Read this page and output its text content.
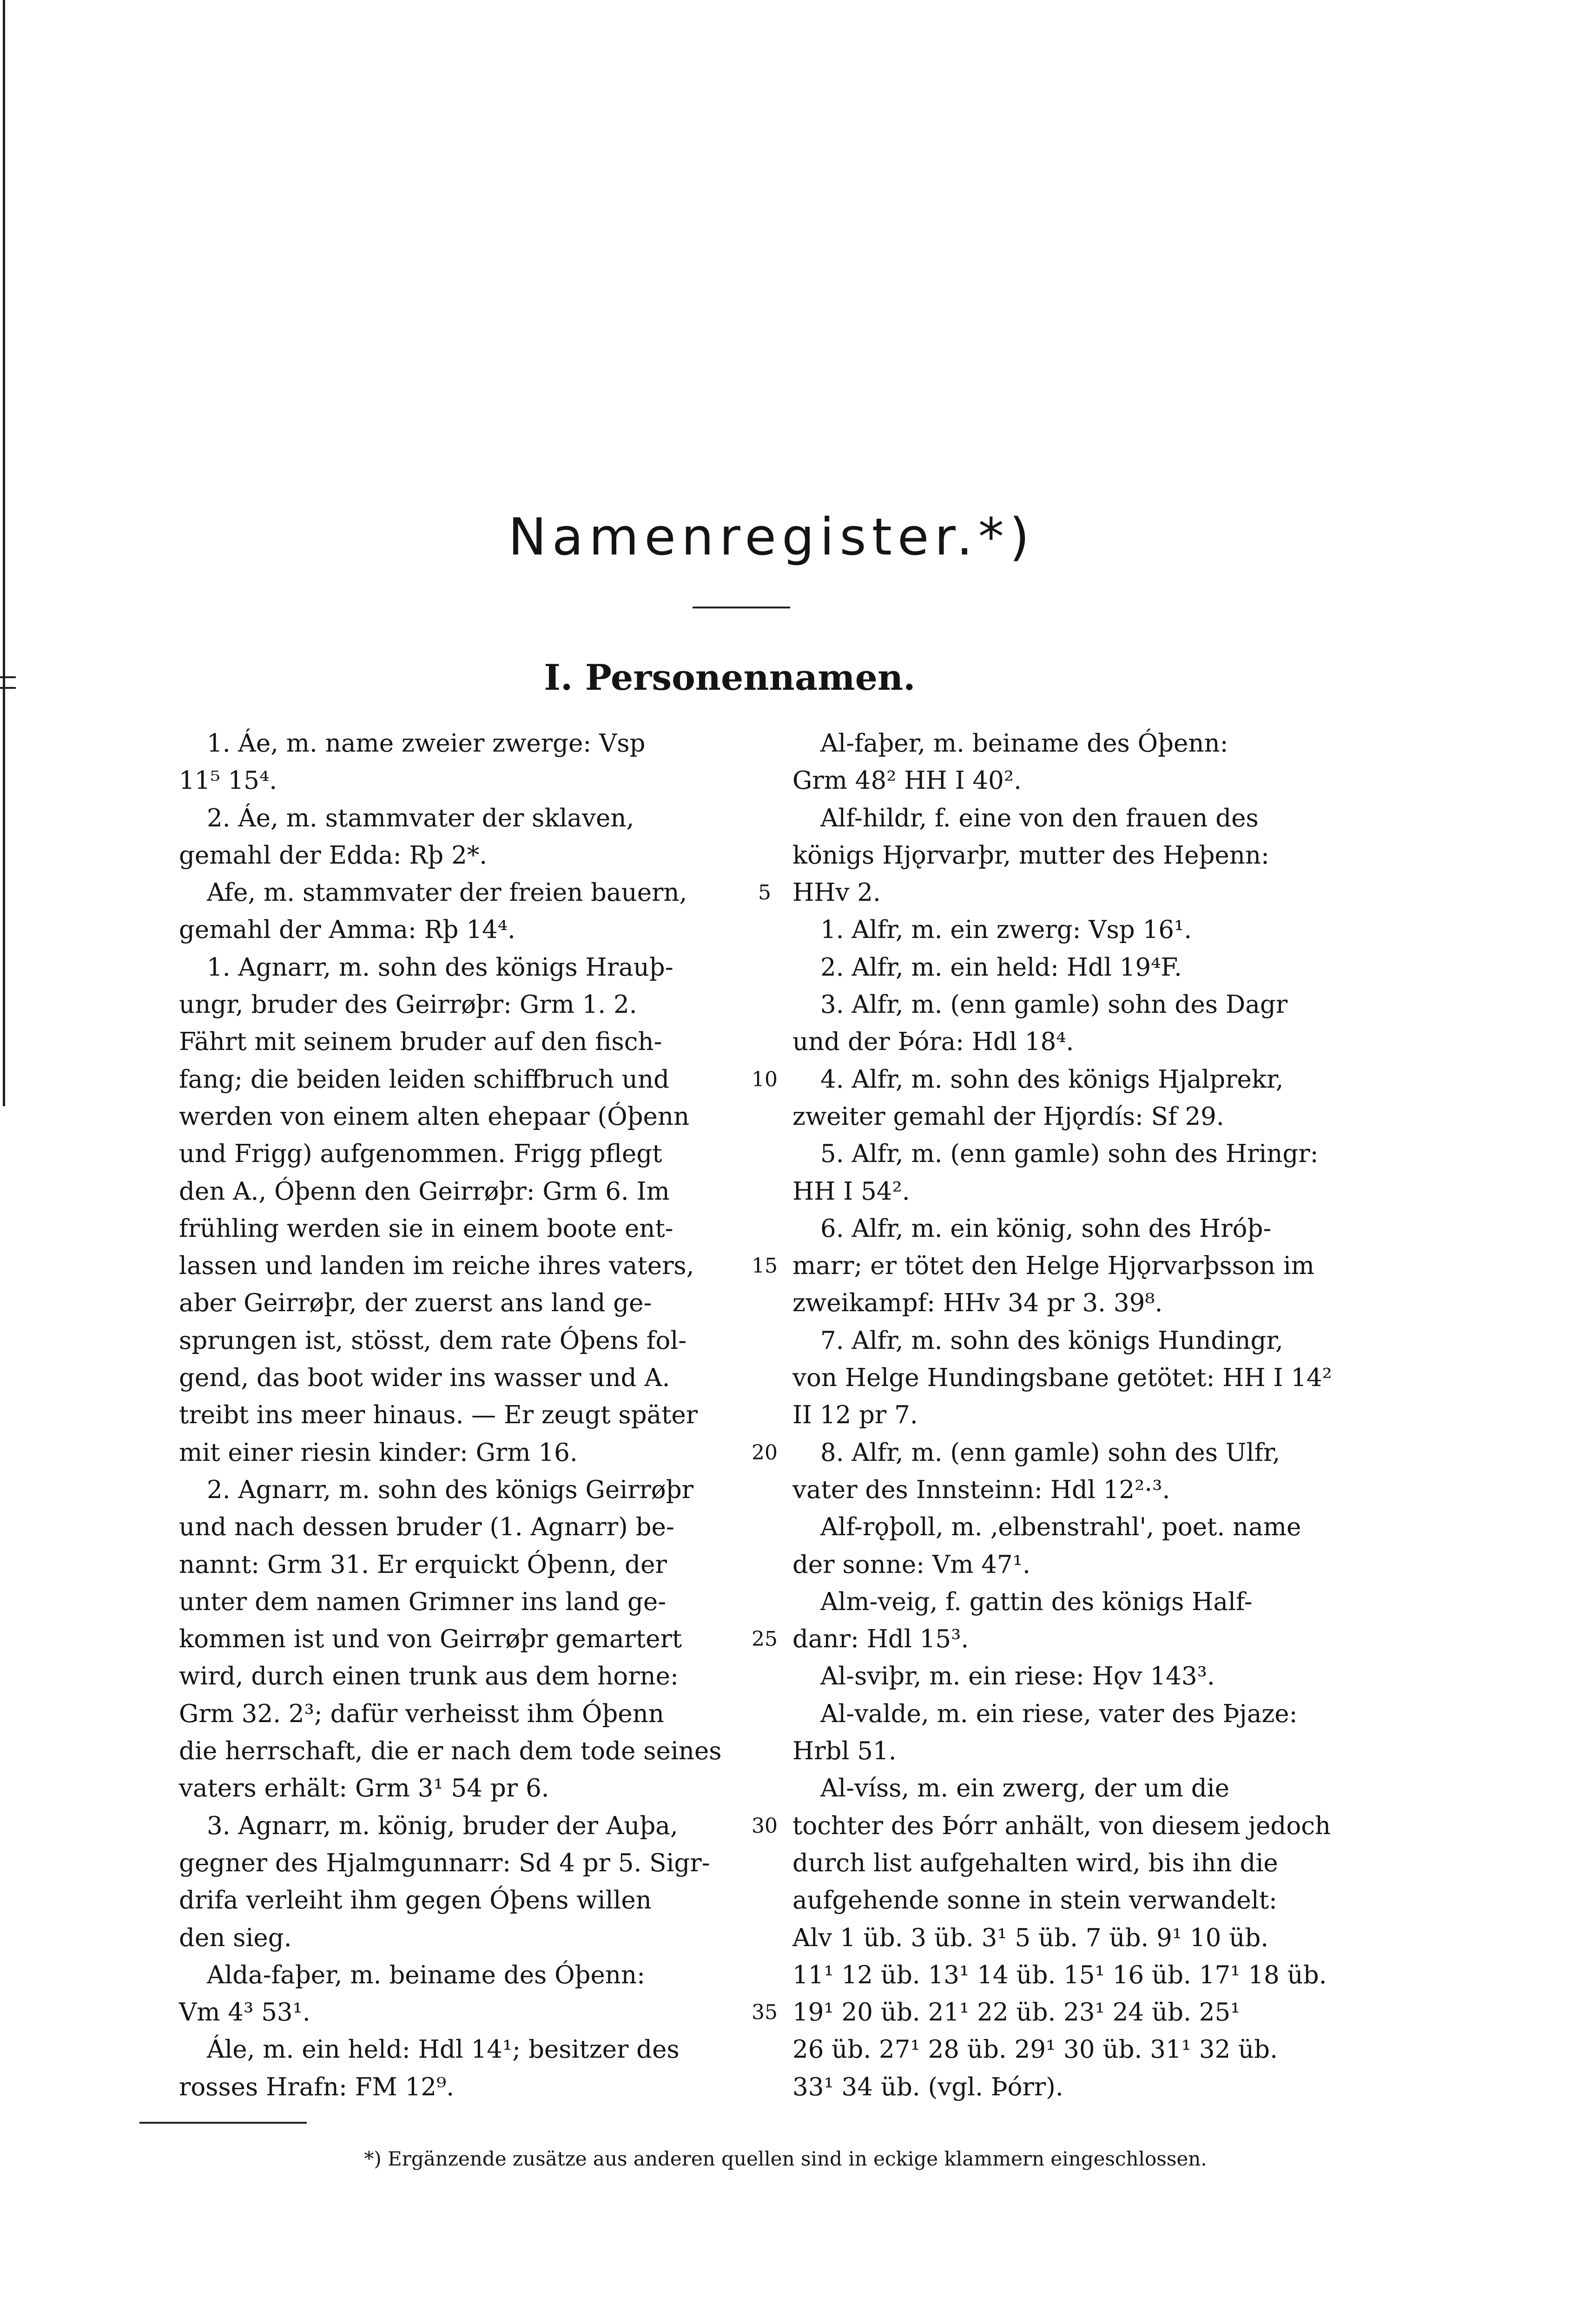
Namenregister.*)
I. Personennamen.
1. Áe, m. name zweier zwerge: Vsp
11⁵ 15⁴.
2. Áe, m. stammvater der sklaven,
gemahl der Edda: Rþ 2*.
Afe, m. stammvater der freien bauern,
gemahl der Amma: Rþ 14⁴.
1. Agnarr, m. sohn des königs Hrauþ-
ungr, bruder des Geirrøþr: Grm 1. 2.
Fährt mit seinem bruder auf den fisch-
fang; die beiden leiden schiffbruch und
werden von einem alten ehepaar (Óþenn
und Frigg) aufgenommen. Frigg pflegt
den A., Óþenn den Geirrøþr: Grm 6. Im
frühling werden sie in einem boote ent-
lassen und landen im reiche ihres vaters,
aber Geirrøþr, der zuerst ans land ge-
sprungen ist, stösst, dem rate Óþens fol-
gend, das boot wider ins wasser und A.
treibt ins meer hinaus. — Er zeugt später
mit einer riesin kinder: Grm 16.
2. Agnarr, m. sohn des königs Geirrøþr
und nach dessen bruder (1. Agnarr) be-
nannt: Grm 31. Er erquickt Óþenn, der
unter dem namen Grimner ins land ge-
kommen ist und von Geirrøþr gemartert
wird, durch einen trunk aus dem horne:
Grm 32. 2³; dafür verheisst ihm Óþenn
die herrschaft, die er nach dem tode seines
vaters erhält: Grm 3¹ 54 pr 6.
3. Agnarr, m. könig, bruder der Auþa,
gegner des Hjalmgunnarr: Sd 4 pr 5. Sigr-
drifa verleiht ihm gegen Óþens willen
den sieg.
Alda-faþer, m. beiname des Óþenn:
Vm 4³ 53¹.
Ále, m. ein held: Hdl 14¹; besitzer des
rosses Hrafn: FM 12⁹.
Al-faþer, m. beiname des Óþenn:
Grm 48² HH I 40².
Alf-hildr, f. eine von den frauen des
königs Hjǫrvarþr, mutter des Heþenn:
HHv 2.
1. Alfr, m. ein zwerg: Vsp 16¹.
2. Alfr, m. ein held: Hdl 19⁴F.
3. Alfr, m. (enn gamle) sohn des Dagr
und der Þóra: Hdl 18⁴.
4. Alfr, m. sohn des königs Hjalprekr,
zweiter gemahl der Hjǫrdís: Sf 29.
5. Alfr, m. (enn gamle) sohn des Hringr:
HH I 54².
6. Alfr, m. ein könig, sohn des Hróþ-
marr; er tötet den Helge Hjǫrvarþsson im
zweikampf: HHv 34 pr 3. 39⁸.
7. Alfr, m. sohn des königs Hundingr,
von Helge Hundingsbane getötet: HH I 14²
II 12 pr 7.
8. Alfr, m. (enn gamle) sohn des Ulfr,
vater des Innsteinn: Hdl 12²·³.
Alf-rǫþoll, m. ‚elbenstrahl', poet. name
der sonne: Vm 47¹.
Alm-veig, f. gattin des königs Half-
danr: Hdl 15³.
Al-sviþr, m. ein riese: Hǫv 143³.
Al-valde, m. ein riese, vater des Þjaze:
Hrbl 51.
Al-víss, m. ein zwerg, der um die
tochter des Þórr anhält, von diesem jedoch
durch list aufgehalten wird, bis ihn die
aufgehende sonne in stein verwandelt:
Alv 1 üb. 3 üb. 3¹ 5 üb. 7 üb. 9¹ 10 üb.
11¹ 12 üb. 13¹ 14 üb. 15¹ 16 üb. 17¹ 18 üb.
19¹ 20 üb. 21¹ 22 üb. 23¹ 24 üb. 25¹
26 üb. 27¹ 28 üb. 29¹ 30 üb. 31¹ 32 üb.
33¹ 34 üb. (vgl. Þórr).
5
10
15
20
25
30
35
*) Ergänzende zusätze aus anderen quellen sind in eckige klammern eingeschlossen.
